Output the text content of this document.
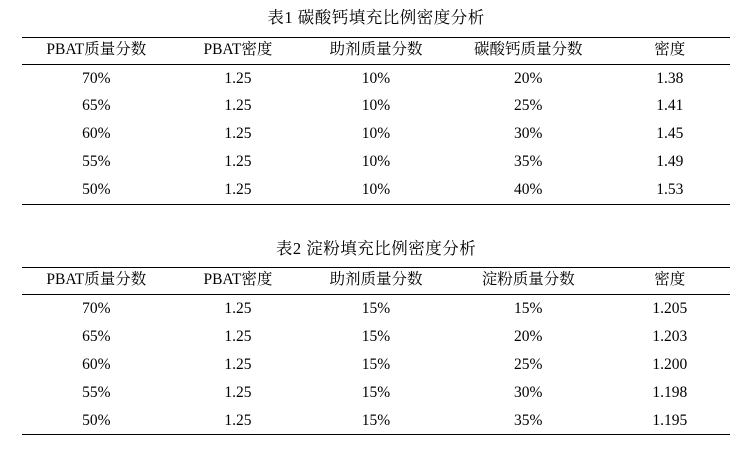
表1 碳酸钙填充比例密度分析
PBAT质量分数	PBAT密度	助剂质量分数	碳酸钙质量分数	密度
70%	1.25	10%	20%	1.38
65%	1.25	10%	25%	1.41
60%	1.25	10%	30%	1.45
55%	1.25	10%	35%	1.49
50%	1.25	10%	40%	1.53
表2 淀粉填充比例密度分析
PBAT质量分数	PBAT密度	助剂质量分数	淀粉质量分数	密度
70%	1.25	15%	15%	1.205
65%	1.25	15%	20%	1.203
60%	1.25	15%	25%	1.200
55%	1.25	15%	30%	1.198
50%	1.25	15%	35%	1.195
